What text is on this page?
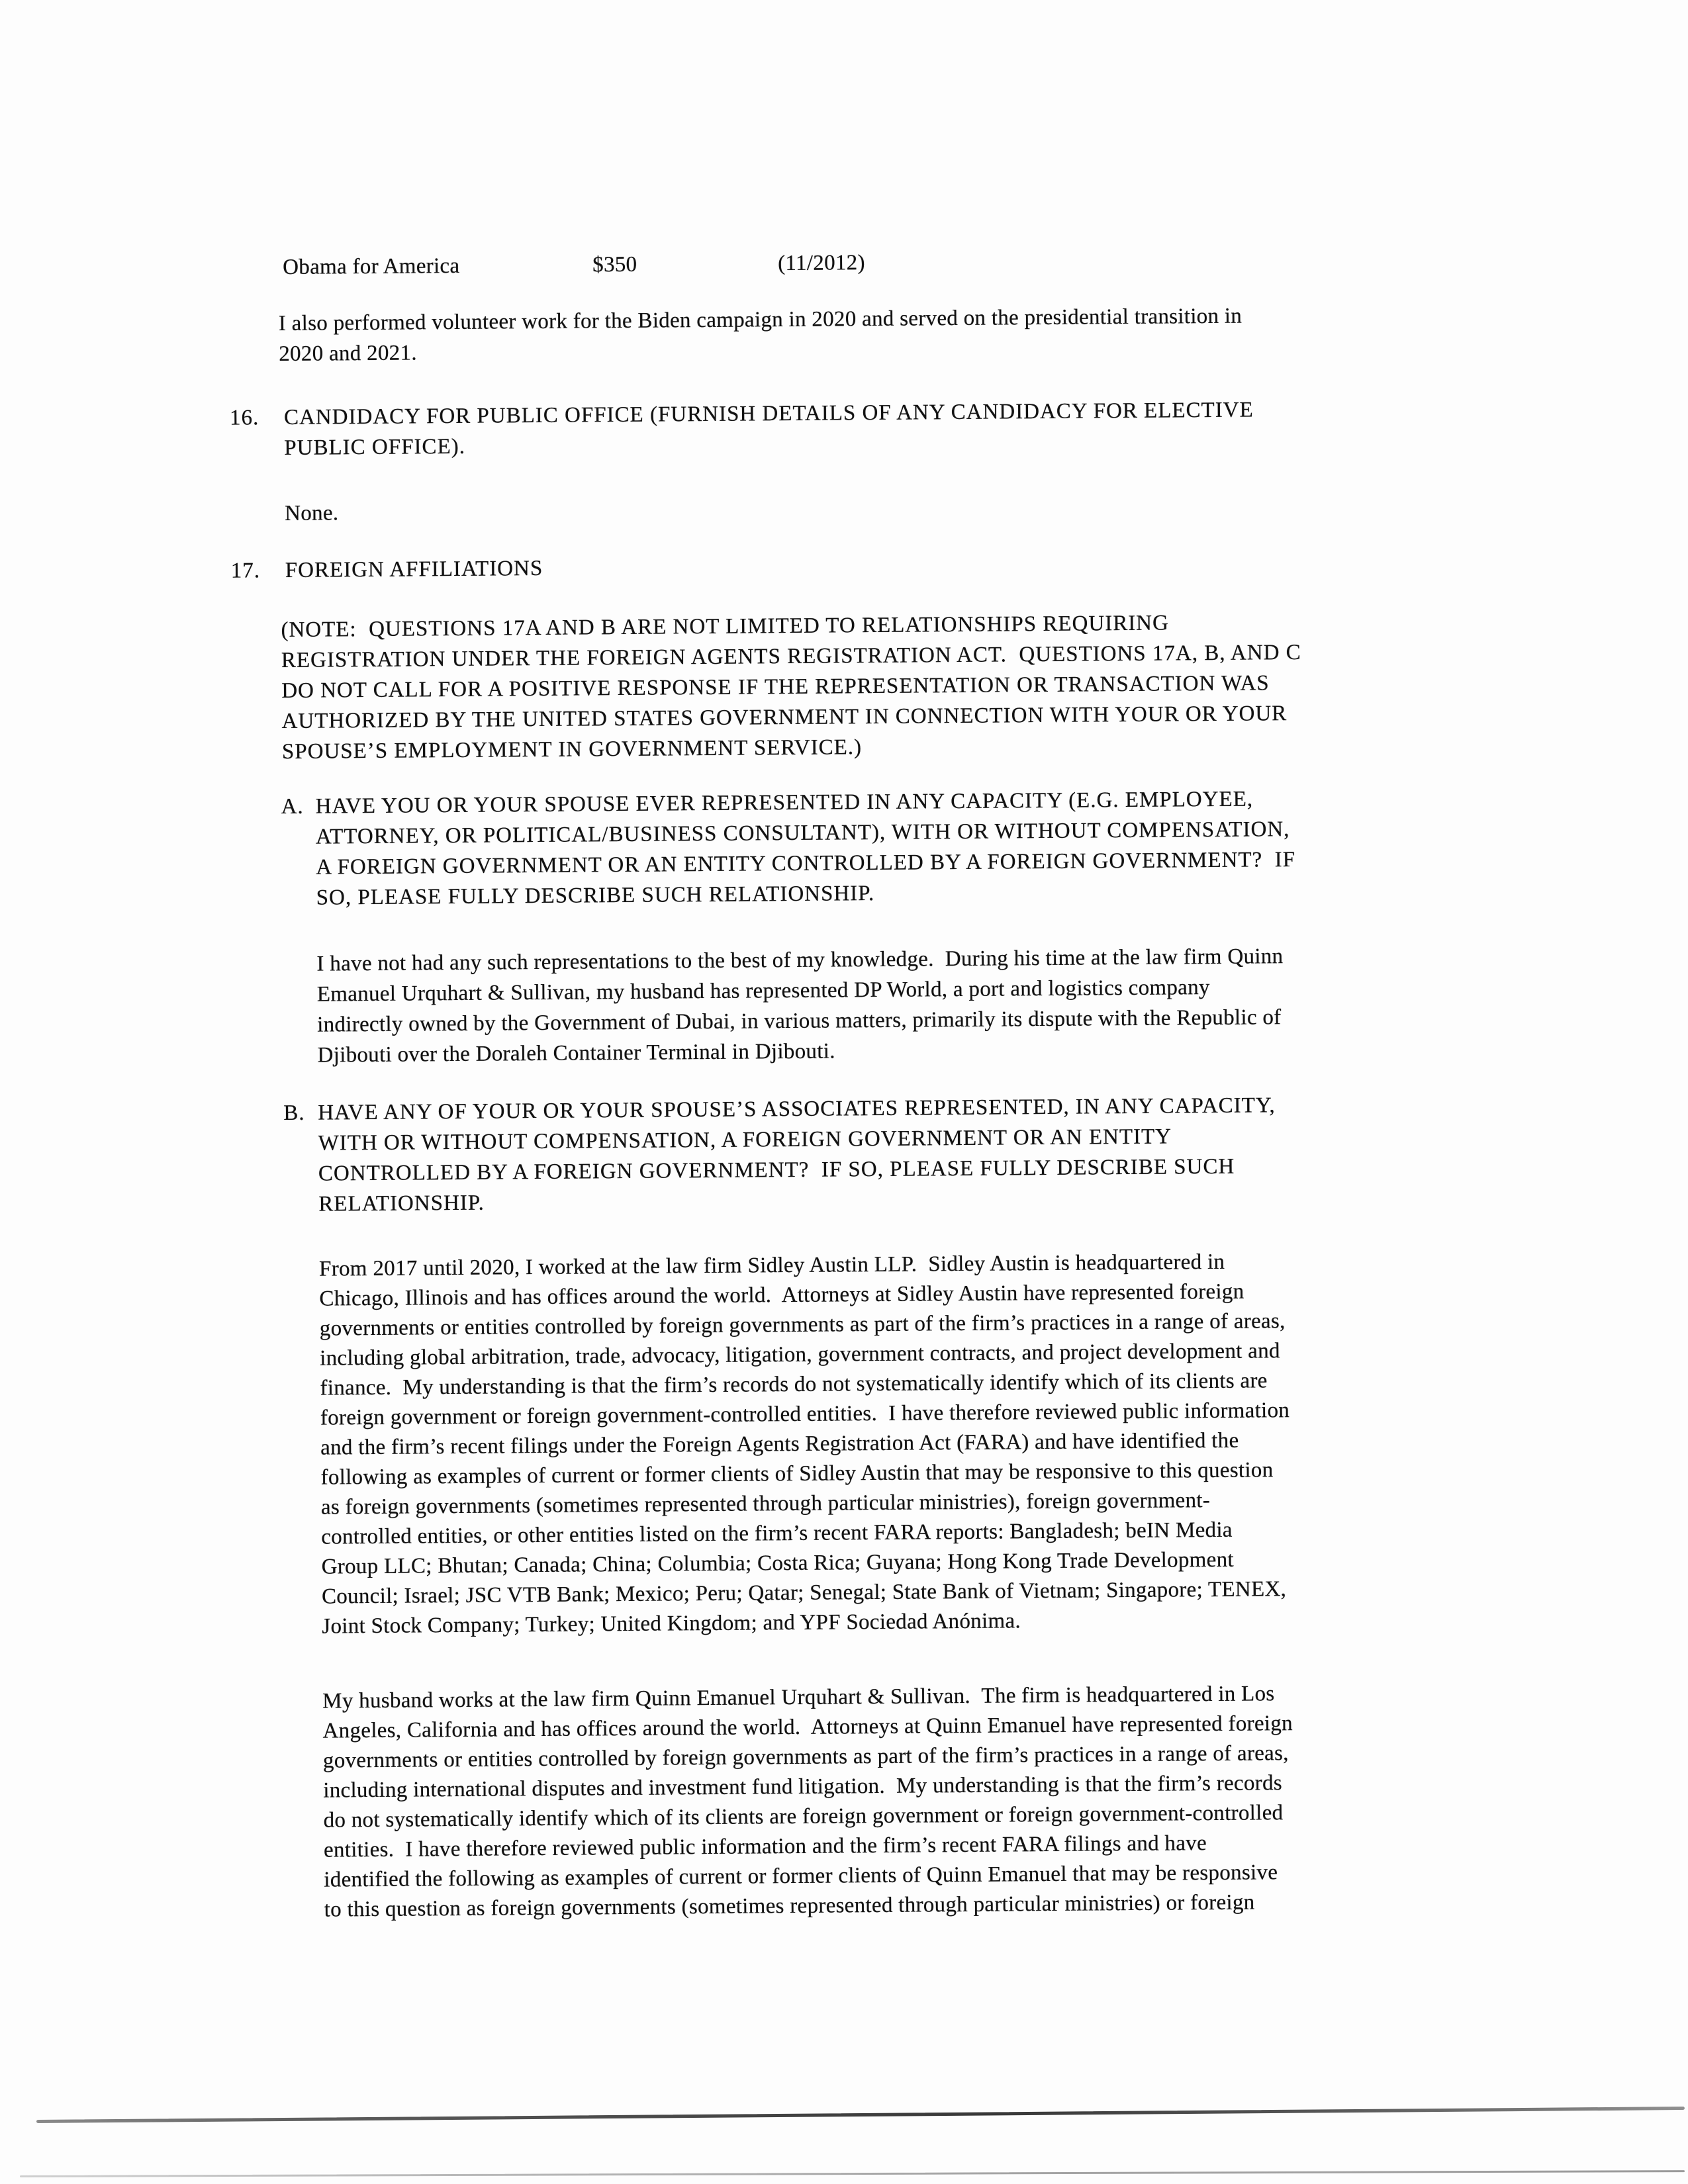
Obama for America

	$350

	(11/2012)

I also performed volunteer work for the Biden campaign in 2020 and served on the presidential transition in
2020 and 2021.
16. CANDIDACY FOR PUBLIC OFFICE (FURNISH DETAILS OF ANY CANDIDACY FOR ELECTIVE
PUBLIC OFFICE).
None.
17. FOREIGN AFFILIATIONS
(NOTE:  QUESTIONS 17A AND B ARE NOT LIMITED TO RELATIONSHIPS REQUIRING
REGISTRATION UNDER THE FOREIGN AGENTS REGISTRATION ACT.  QUESTIONS 17A, B, AND C
DO NOT CALL FOR A POSITIVE RESPONSE IF THE REPRESENTATION OR TRANSACTION WAS
AUTHORIZED BY THE UNITED STATES GOVERNMENT IN CONNECTION WITH YOUR OR YOUR
SPOUSE’S EMPLOYMENT IN GOVERNMENT SERVICE.)
A. HAVE YOU OR YOUR SPOUSE EVER REPRESENTED IN ANY CAPACITY (E.G. EMPLOYEE,
ATTORNEY, OR POLITICAL/BUSINESS CONSULTANT), WITH OR WITHOUT COMPENSATION,
A FOREIGN GOVERNMENT OR AN ENTITY CONTROLLED BY A FOREIGN GOVERNMENT?  IF
SO, PLEASE FULLY DESCRIBE SUCH RELATIONSHIP.
I have not had any such representations to the best of my knowledge.  During his time at the law firm Quinn
Emanuel Urquhart & Sullivan, my husband has represented DP World, a port and logistics company
indirectly owned by the Government of Dubai, in various matters, primarily its dispute with the Republic of
Djibouti over the Doraleh Container Terminal in Djibouti.
B. HAVE ANY OF YOUR OR YOUR SPOUSE’S ASSOCIATES REPRESENTED, IN ANY CAPACITY,
WITH OR WITHOUT COMPENSATION, A FOREIGN GOVERNMENT OR AN ENTITY
CONTROLLED BY A FOREIGN GOVERNMENT?  IF SO, PLEASE FULLY DESCRIBE SUCH
RELATIONSHIP.
From 2017 until 2020, I worked at the law firm Sidley Austin LLP.  Sidley Austin is headquartered in
Chicago, Illinois and has offices around the world.  Attorneys at Sidley Austin have represented foreign
governments or entities controlled by foreign governments as part of the firm’s practices in a range of areas,
including global arbitration, trade, advocacy, litigation, government contracts, and project development and
finance.  My understanding is that the firm’s records do not systematically identify which of its clients are
foreign government or foreign government-controlled entities.  I have therefore reviewed public information
and the firm’s recent filings under the Foreign Agents Registration Act (FARA) and have identified the
following as examples of current or former clients of Sidley Austin that may be responsive to this question
as foreign governments (sometimes represented through particular ministries), foreign government-
controlled entities, or other entities listed on the firm’s recent FARA reports: Bangladesh; beIN Media
Group LLC; Bhutan; Canada; China; Columbia; Costa Rica; Guyana; Hong Kong Trade Development
Council; Israel; JSC VTB Bank; Mexico; Peru; Qatar; Senegal; State Bank of Vietnam; Singapore; TENEX,
Joint Stock Company; Turkey; United Kingdom; and YPF Sociedad Anónima.
My husband works at the law firm Quinn Emanuel Urquhart & Sullivan.  The firm is headquartered in Los
Angeles, California and has offices around the world.  Attorneys at Quinn Emanuel have represented foreign
governments or entities controlled by foreign governments as part of the firm’s practices in a range of areas,
including international disputes and investment fund litigation.  My understanding is that the firm’s records
do not systematically identify which of its clients are foreign government or foreign government-controlled
entities.  I have therefore reviewed public information and the firm’s recent FARA filings and have
identified the following as examples of current or former clients of Quinn Emanuel that may be responsive
to this question as foreign governments (sometimes represented through particular ministries) or foreign
